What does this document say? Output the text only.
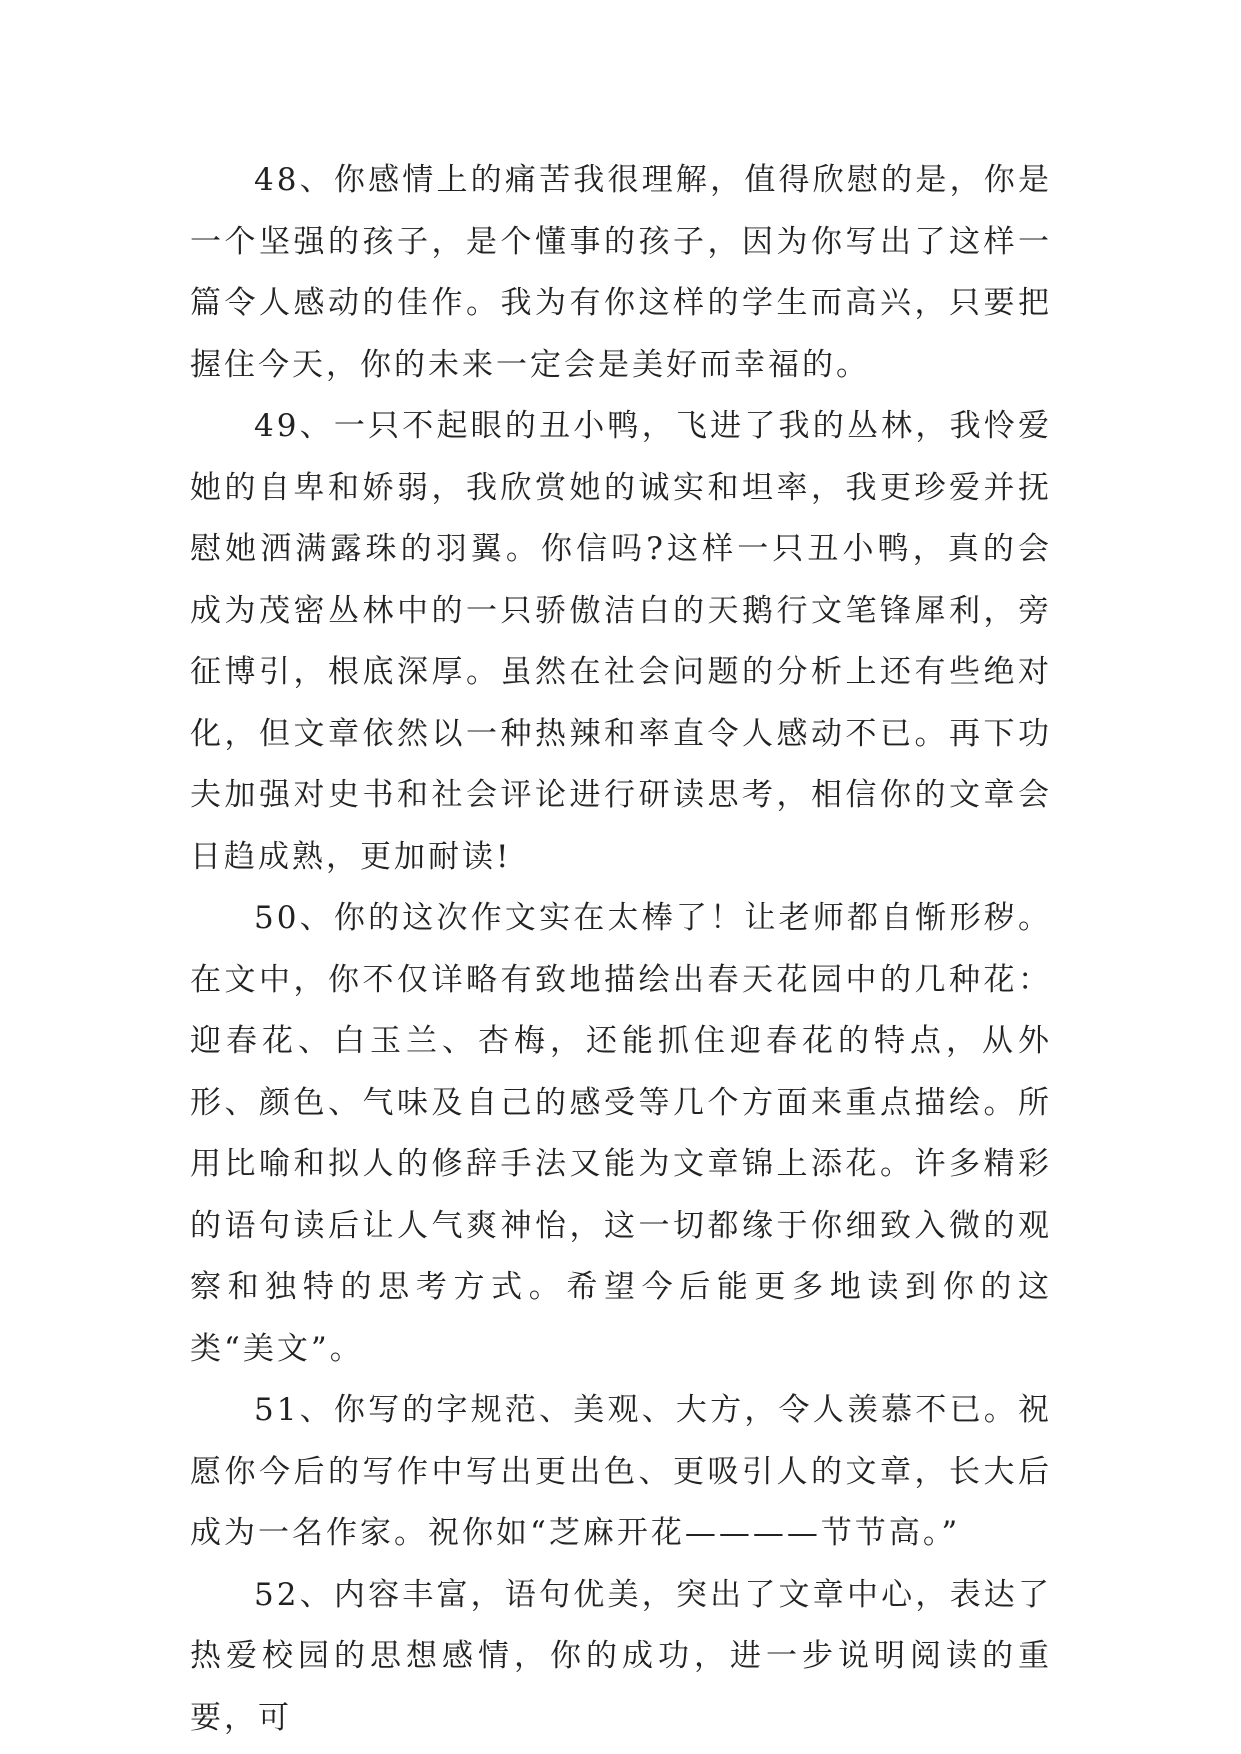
48、你感情上的痛苦我很理解，值得欣慰的是，你是一个坚强的孩子，是个懂事的孩子，因为你写出了这样一篇令人感动的佳作。我为有你这样的学生而高兴，只要把握住今天，你的未来一定会是美好而幸福的。

49、一只不起眼的丑小鸭，飞进了我的丛林，我怜爱她的自卑和娇弱，我欣赏她的诚实和坦率，我更珍爱并抚慰她洒满露珠的羽翼。你信吗?这样一只丑小鸭，真的会成为茂密丛林中的一只骄傲洁白的天鹅行文笔锋犀利，旁征博引，根底深厚。虽然在社会问题的分析上还有些绝对化，但文章依然以一种热辣和率直令人感动不已。再下功夫加强对史书和社会评论进行研读思考，相信你的文章会日趋成熟，更加耐读!

50、你的这次作文实在太棒了！让老师都自惭形秽。在文中，你不仅详略有致地描绘出春天花园中的几种花：迎春花、白玉兰、杏梅，还能抓住迎春花的特点，从外形、颜色、气味及自己的感受等几个方面来重点描绘。所用比喻和拟人的修辞手法又能为文章锦上添花。许多精彩的语句读后让人气爽神怡，这一切都缘于你细致入微的观察和独特的思考方式。希望今后能更多地读到你的这类“美文”。

51、你写的字规范、美观、大方，令人羡慕不已。祝愿你今后的写作中写出更出色、更吸引人的文章，长大后成为一名作家。祝你如“芝麻开花————节节高。”

52、内容丰富，语句优美，突出了文章中心，表达了热爱校园的思想感情，你的成功，进一步说明阅读的重要，可
